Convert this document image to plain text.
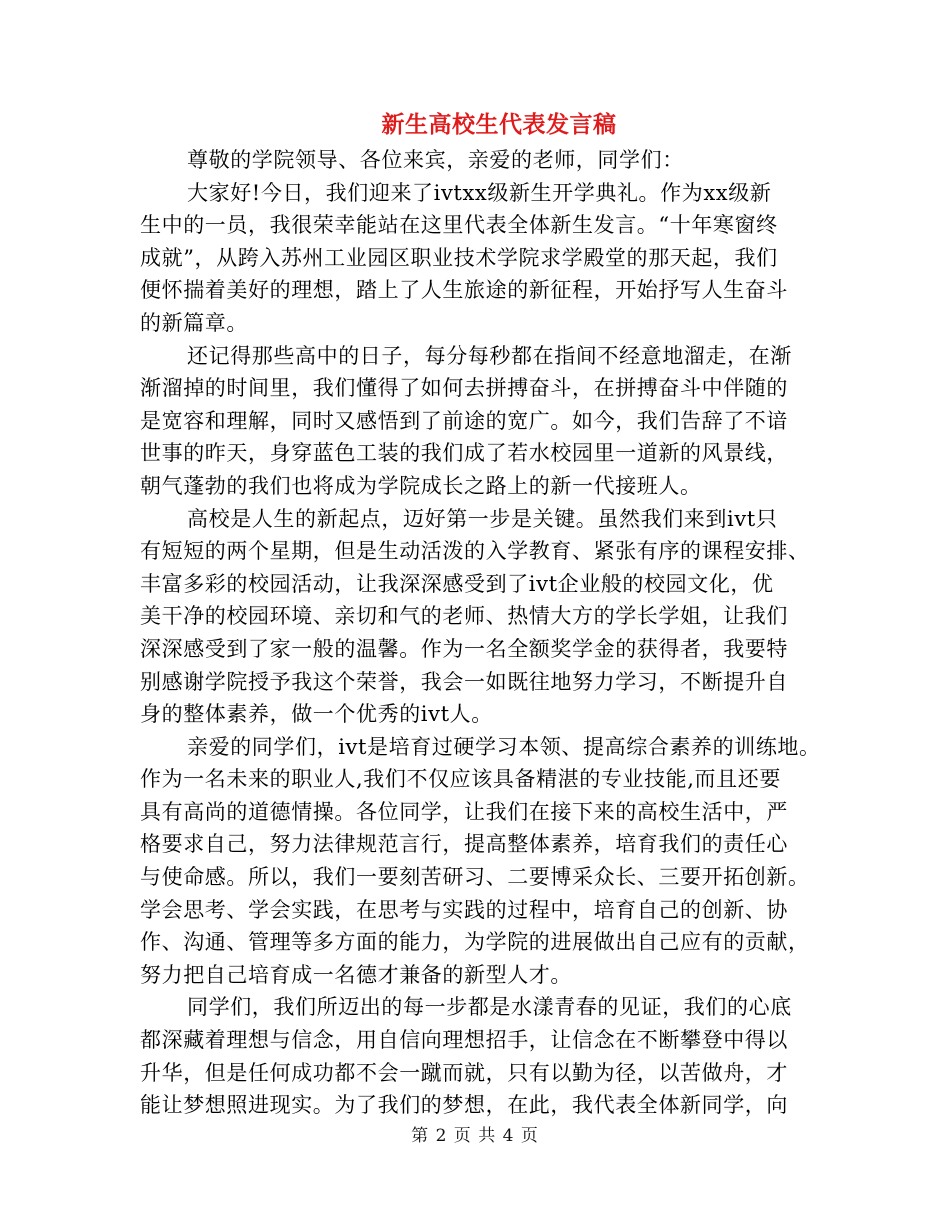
新生高校生代表发言稿
尊敬的学院领导、各位来宾，亲爱的老师，同学们：
大家好!今日，我们迎来了ivtxx级新生开学典礼。作为xx级新
生中的一员，我很荣幸能站在这里代表全体新生发言。“十年寒窗终
成就”，从跨入苏州工业园区职业技术学院求学殿堂的那天起，我们
便怀揣着美好的理想，踏上了人生旅途的新征程，开始抒写人生奋斗
的新篇章。
还记得那些高中的日子，每分每秒都在指间不经意地溜走，在渐
渐溜掉的时间里，我们懂得了如何去拼搏奋斗，在拼搏奋斗中伴随的
是宽容和理解，同时又感悟到了前途的宽广。如今，我们告辞了不谙
世事的昨天，身穿蓝色工装的我们成了若水校园里一道新的风景线，
朝气蓬勃的我们也将成为学院成长之路上的新一代接班人。
高校是人生的新起点，迈好第一步是关键。虽然我们来到ivt只
有短短的两个星期，但是生动活泼的入学教育、紧张有序的课程安排、
丰富多彩的校园活动，让我深深感受到了ivt企业般的校园文化，优
美干净的校园环境、亲切和气的老师、热情大方的学长学姐，让我们
深深感受到了家一般的温馨。作为一名全额奖学金的获得者，我要特
别感谢学院授予我这个荣誉，我会一如既往地努力学习，不断提升自
身的整体素养，做一个优秀的ivt人。
亲爱的同学们，ivt是培育过硬学习本领、提高综合素养的训练地。
作为一名未来的职业人,我们不仅应该具备精湛的专业技能,而且还要
具有高尚的道德情操。各位同学，让我们在接下来的高校生活中，严
格要求自己，努力法律规范言行，提高整体素养，培育我们的责任心
与使命感。所以，我们一要刻苦研习、二要博采众长、三要开拓创新。
学会思考、学会实践，在思考与实践的过程中，培育自己的创新、协
作、沟通、管理等多方面的能力，为学院的进展做出自己应有的贡献，
努力把自己培育成一名德才兼备的新型人才。
同学们，我们所迈出的每一步都是水漾青春的见证，我们的心底
都深藏着理想与信念，用自信向理想招手，让信念在不断攀登中得以
升华，但是任何成功都不会一蹴而就，只有以勤为径，以苦做舟，才
能让梦想照进现实。为了我们的梦想，在此，我代表全体新同学，向
第 2 页 共 4 页
